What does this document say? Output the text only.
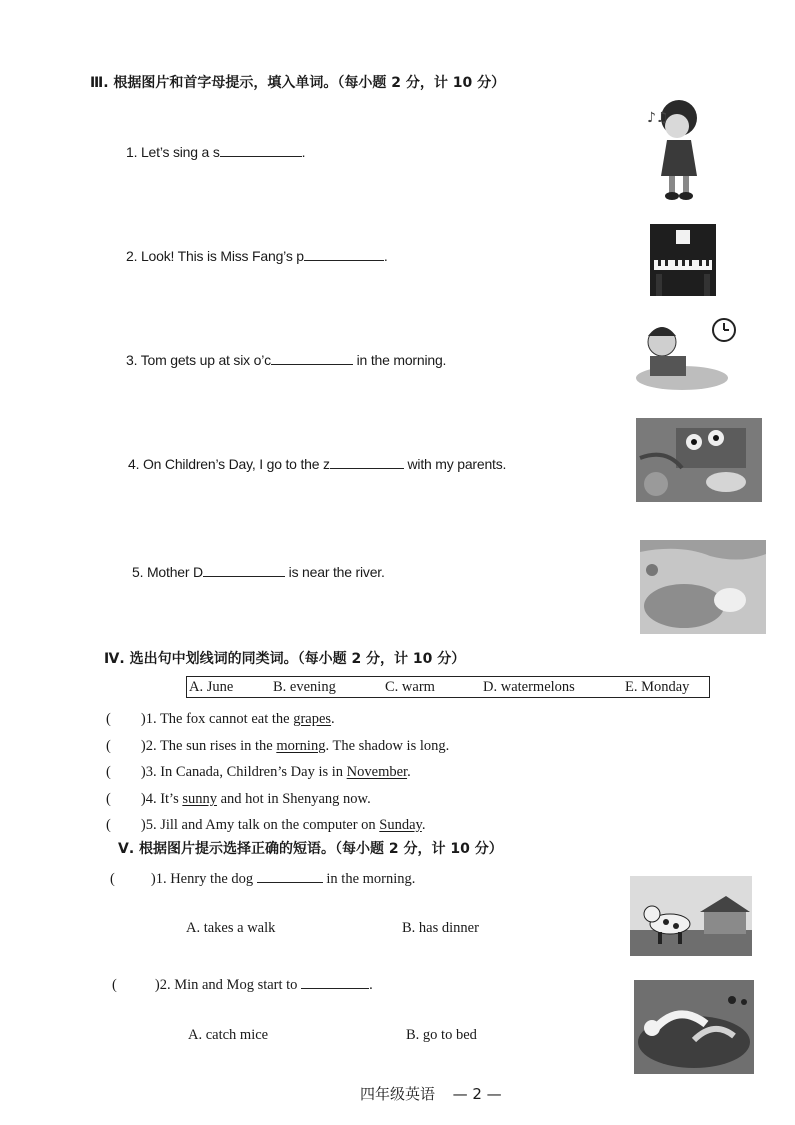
Ⅲ. 根据图片和首字母提示，填入单词。（每小题 2 分，计 10 分）
1. Let’s sing a s	.
2. Look! This is Miss Fang’s p	.
3. Tom gets up at six o’c	in the morning.
4. On Children’s Day, I go to the z	with my parents.
5. Mother D	is near the river.
♪♫
Ⅳ. 选出句中划线词的同类词。（每小题 2 分，计 10 分）
A. June	B. evening	C. warm	D. watermelons	E. Monday
( )1. The fox cannot eat the grapes.
( )2. The sun rises in the morning. The shadow is long.
( )3. In Canada, Children’s Day is in November.
( )4. It’s sunny and hot in Shenyang now.
( )5. Jill and Amy talk on the computer on Sunday.
Ⅴ. 根据图片提示选择正确的短语。（每小题 2 分，计 10 分）
( )1. Henry the dog	in the morning.
A. takes a walk	B. has dinner
(	)2. Min and Mog start to	.
A. catch mice	B. go to bed
四年级英语 — 2 —
